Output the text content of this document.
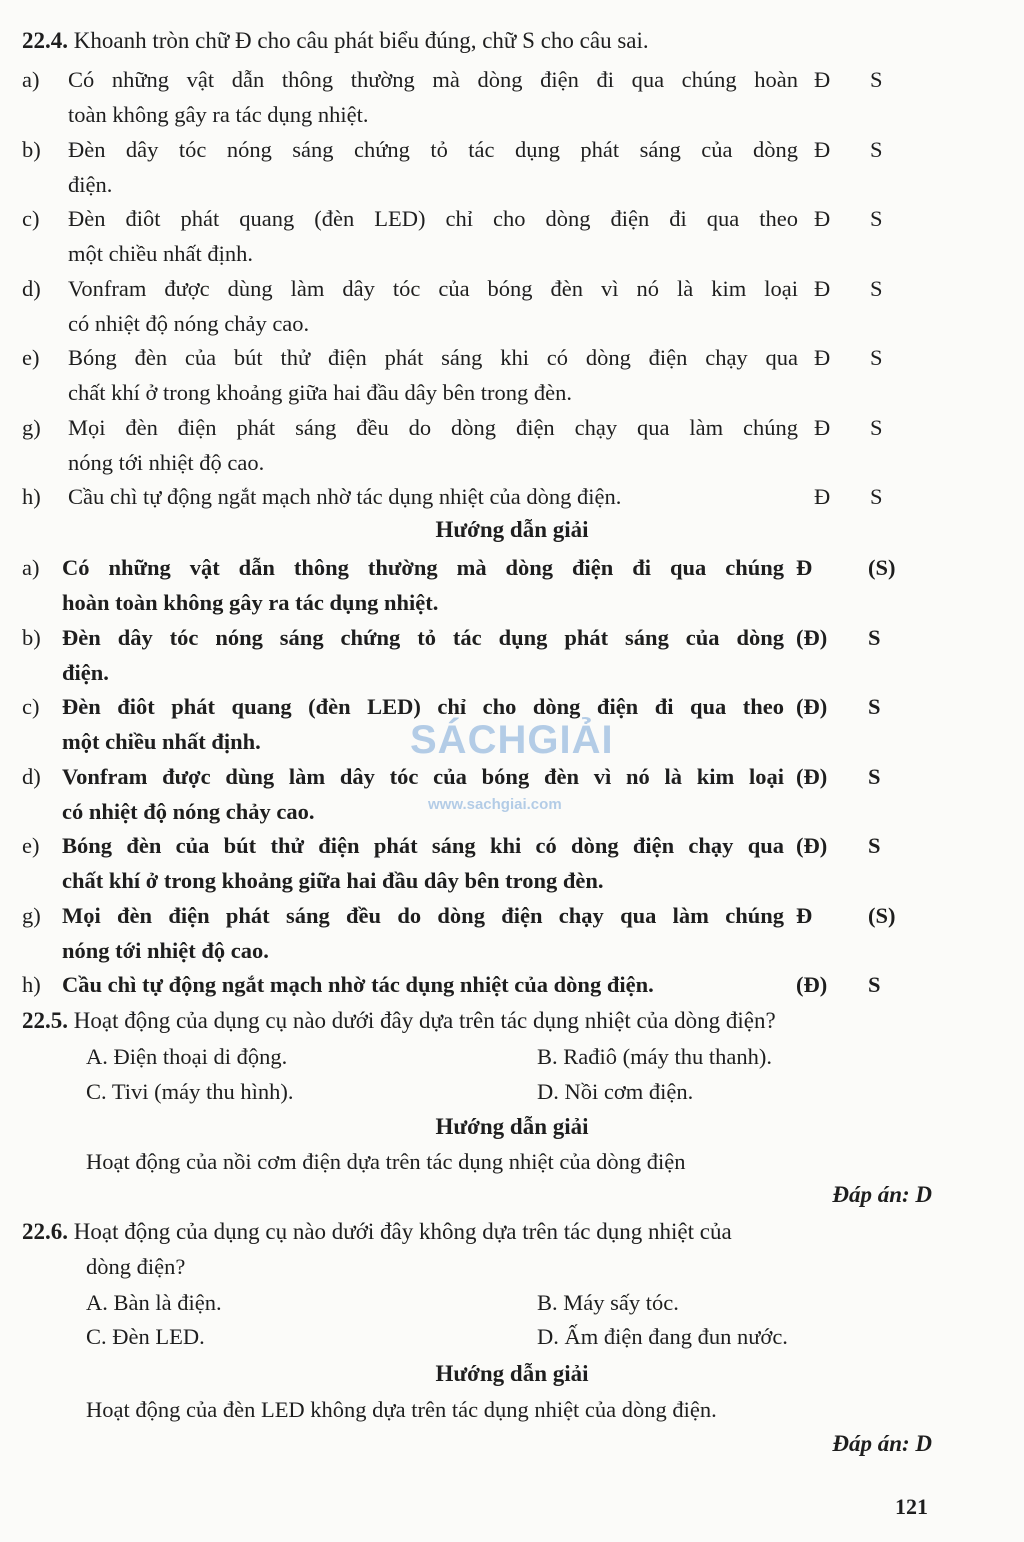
22.4. Khoanh tròn chữ Đ cho câu phát biểu đúng, chữ S cho câu sai.
a)	Có những vật dẫn thông thường mà dòng điện đi qua chúng hoàn
toàn không gây ra tác dụng nhiệt.
Đ S
b)	Đèn dây tóc nóng sáng chứng tỏ tác dụng phát sáng của dòng
điện.
Đ S
c)	Đèn điôt phát quang (đèn LED) chỉ cho dòng điện đi qua theo
một chiều nhất định.
Đ S
d)	Vonfram được dùng làm dây tóc của bóng đèn vì nó là kim loại
có nhiệt độ nóng chảy cao.
Đ S
e)	Bóng đèn của bút thử điện phát sáng khi có dòng điện chạy qua
chất khí ở trong khoảng giữa hai đầu dây bên trong đèn.
Đ S
g)	Mọi đèn điện phát sáng đều do dòng điện chạy qua làm chúng
nóng tới nhiệt độ cao.
Đ S
h)	Cầu chì tự động ngắt mạch nhờ tác dụng nhiệt của dòng điện.	Đ S
Hướng dẫn giải
a)	Có những vật dẫn thông thường mà dòng điện đi qua chúng
hoàn toàn không gây ra tác dụng nhiệt.
Đ (S)
b) Đèn dây tóc nóng sáng chứng tỏ tác dụng phát sáng của dòng
điện.
(Đ) S
c)	Đèn điôt phát quang (đèn LED) chỉ cho dòng điện đi qua theo
một chiều nhất định.
(Đ) S
d) Vonfram được dùng làm dây tóc của bóng đèn vì nó là kim loại
có nhiệt độ nóng chảy cao.
(Đ) S
e)	Bóng đèn của bút thử điện phát sáng khi có dòng điện chạy qua
chất khí ở trong khoảng giữa hai đầu dây bên trong đèn.
(Đ) S
g) Mọi đèn điện phát sáng đều do dòng điện chạy qua làm chúng
nóng tới nhiệt độ cao.
Đ (S)
h) Cầu chì tự động ngắt mạch nhờ tác dụng nhiệt của dòng điện.	(Đ) S
22.5. Hoạt động của dụng cụ nào dưới đây dựa trên tác dụng nhiệt của dòng điện?
A. Điện thoại di động.	B. Rađiô (máy thu thanh).
C. Tivi (máy thu hình).	D. Nồi cơm điện.
Hướng dẫn giải
Hoạt động của nồi cơm điện dựa trên tác dụng nhiệt của dòng điện
Đáp án: D
22.6. Hoạt động của dụng cụ nào dưới đây không dựa trên tác dụng nhiệt của
dòng điện?
A. Bàn là điện.	B. Máy sấy tóc.
C. Đèn LED.	D. Ấm điện đang đun nước.
Hướng dẫn giải
Hoạt động của đèn LED không dựa trên tác dụng nhiệt của dòng điện.
Đáp án: D
SÁCHGIẢI
www.sachgiai.com
121
